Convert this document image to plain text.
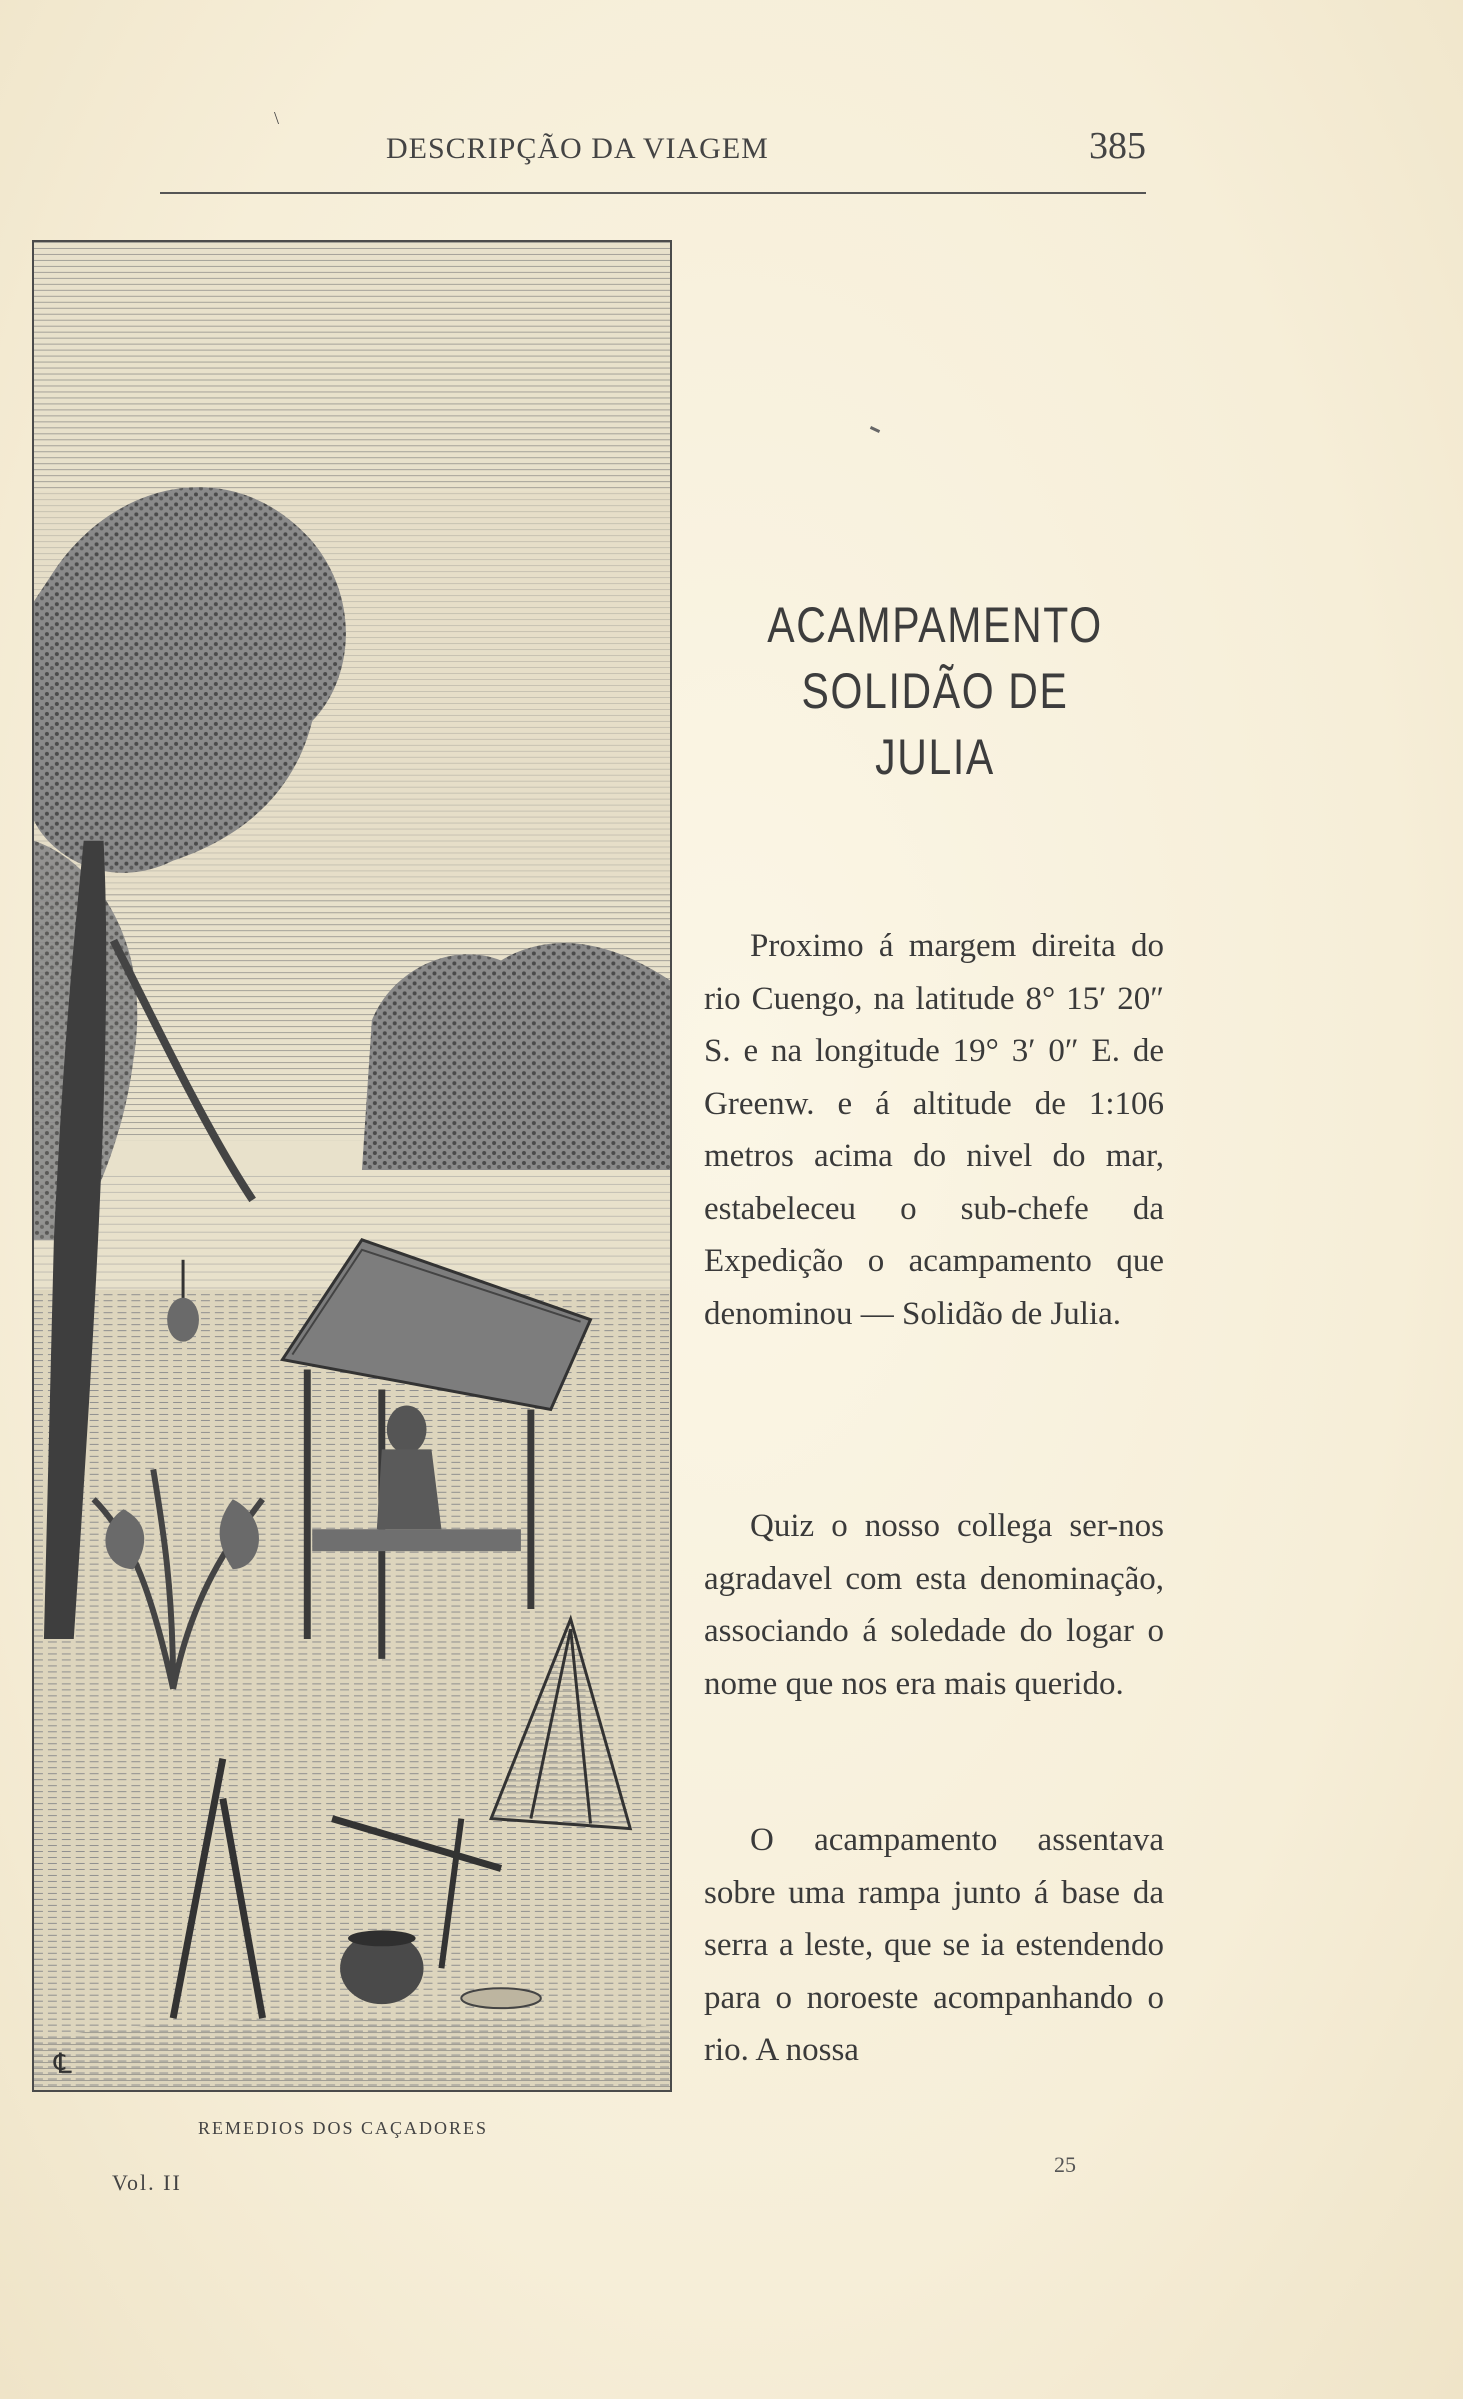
\
DESCRIPÇÃO DA VIAGEM	385
℄
REMEDIOS DOS CAÇADORES
Vol. II
ACAMPAMENTO
SOLIDÃO DE JULIA
Proximo á margem direita do rio Cuengo, na latitude 8° 15′ 20″ S. e na longitude 19° 3′ 0″ E. de Greenw. e á altitude de 1:106 metros acima do nivel do mar, estabeleceu o sub-chefe da Expedição o acampamento que denominou — Solidão de Julia.
Quiz o nosso collega ser-nos agradavel com esta denominação, associando á soledade do logar o nome que nos era mais querido.
O acampamento assentava sobre uma rampa junto á base da serra a leste, que se ia estendendo para o noroeste acompanhando o rio. A nossa
25
